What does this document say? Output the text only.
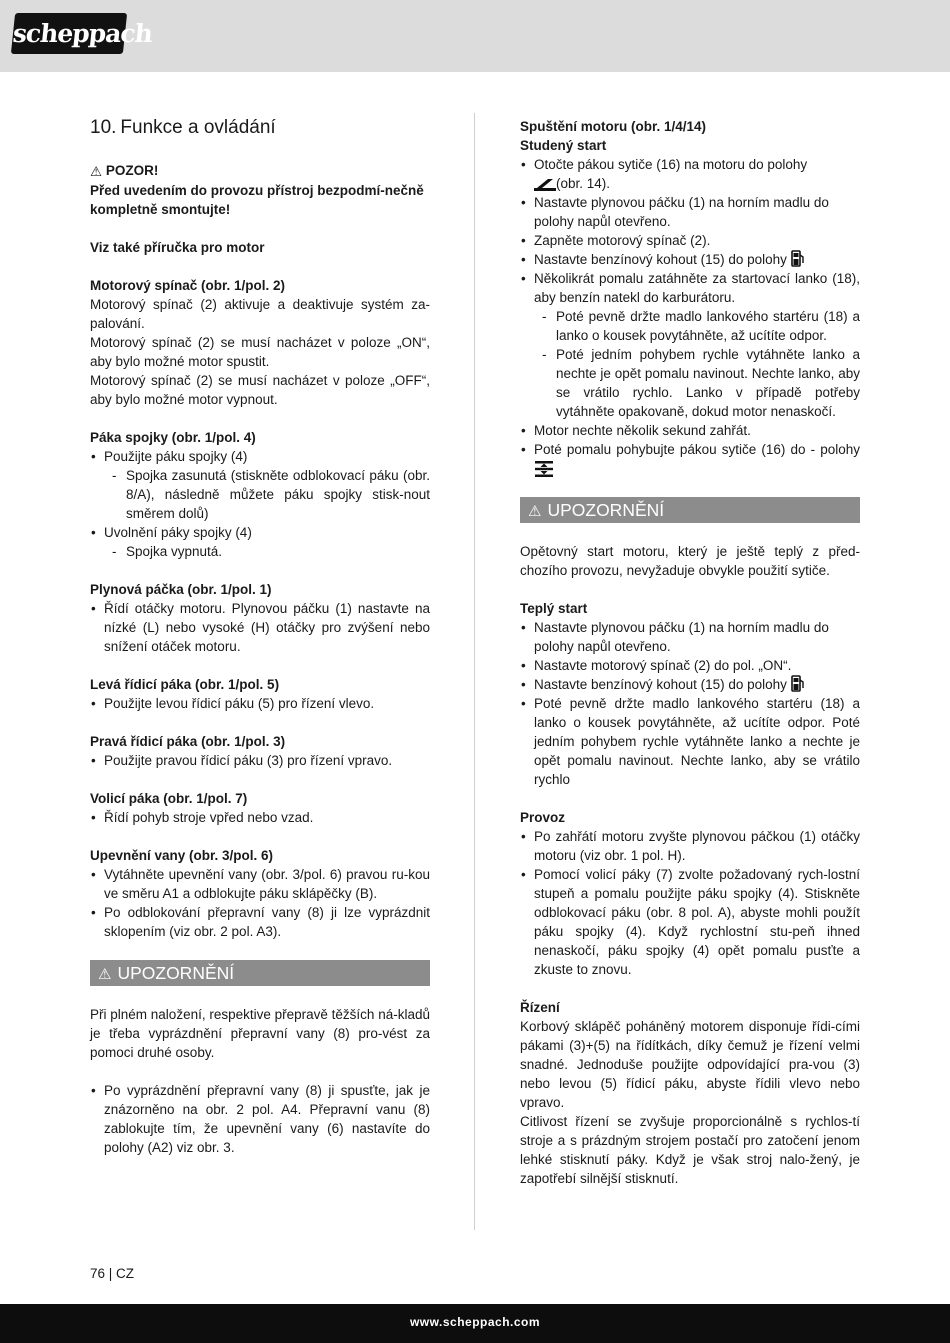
scheppach
10. Funkce a ovládání

⚠ POZOR!

Před uvedením do provozu přístroj bezpodmí-nečně kompletně smontujte!

Viz také příručka pro motor
Motorový spínač (obr. 1/pol. 2)

Motorový spínač (2) aktivuje a deaktivuje systém za-palování.

Motorový spínač (2) se musí nacházet v poloze „ON“, aby bylo možné motor spustit.

Motorový spínač (2) se musí nacházet v poloze „OFF“, aby bylo možné motor vypnout.

Páka spojky (obr. 1/pol. 4)
• Použijte páku spojky (4)
- Spojka zasunutá (stiskněte odblokovací páku (obr. 8/A), následně můžete páku spojky stisk-nout směrem dolů)
• Uvolnění páky spojky (4)
- Spojka vypnutá.
Plynová páčka (obr. 1/pol. 1)
• Řídí otáčky motoru. Plynovou páčku (1) nastavte na nízké (L) nebo vysoké (H) otáčky pro zvýšení nebo snížení otáček motoru.
Levá řídicí páka (obr. 1/pol. 5)
• Použijte levou řídicí páku (5) pro řízení vlevo.
Pravá řídicí páka (obr. 1/pol. 3)
• Použijte pravou řídicí páku (3) pro řízení vpravo.
Volicí páka (obr. 1/pol. 7)
• Řídí pohyb stroje vpřed nebo vzad.
Upevnění vany (obr. 3/pol. 6)
• Vytáhněte upevnění vany (obr. 3/pol. 6) pravou ru-kou ve směru A1 a odblokujte páku sklápěčky (B).
• Po odblokování přepravní vany (8) ji lze vyprázdnit sklopením (viz obr. 2 pol. A3).
⚠ UPOZORNĚNÍ

Při plném naložení, respektive přepravě těžších ná-kladů je třeba vyprázdnění přepravní vany (8) pro-vést za pomoci druhé osoby.

• Po vyprázdnění přepravní vany (8) ji spusťte, jak je znázorněno na obr. 2 pol. A4. Přepravní vanu (8) zablokujte tím, že upevnění vany (6) nastavíte do polohy (A2) viz obr. 3.
Spuštění motoru (obr. 1/4/14)
Studený start
• Otočte pákou sytiče (16) na motoru do polohy
(obr. 14).
• Nastavte plynovou páčku (1) na horním madlu do polohy napůl otevřeno.
• Zapněte motorový spínač (2).
• Nastavte benzínový kohout (15) do polohy
• Několikrát pomalu zatáhněte za startovací lanko (18), aby benzín natekl do karburátoru.
- Poté pevně držte madlo lankového startéru (18) a lanko o kousek povytáhněte, až ucítíte odpor.
- Poté jedním pohybem rychle vytáhněte lanko a nechte je opět pomalu navinout. Nechte lanko, aby se vrátilo rychlo. Lanko v případě potřeby vytáhněte opakovaně, dokud motor nenaskočí.
• Motor nechte několik sekund zahřát.
• Poté pomalu pohybujte pákou sytiče (16) do - polohy
⚠ UPOZORNĚNÍ

Opětovný start motoru, který je ještě teplý z před-chozího provozu, nevyžaduje obvykle použití sytiče.

Teplý start
• Nastavte plynovou páčku (1) na horním madlu do polohy napůl otevřeno.
• Nastavte motorový spínač (2) do pol. „ON“.
• Nastavte benzínový kohout (15) do polohy
• Poté pevně držte madlo lankového startéru (18) a lanko o kousek povytáhněte, až ucítíte odpor. Poté jedním pohybem rychle vytáhněte lanko a nechte je opět pomalu navinout. Nechte lanko, aby se vrátilo rychlo
Provoz
• Po zahřátí motoru zvyšte plynovou páčkou (1) otáčky motoru (viz obr. 1 pol. H).
• Pomocí volicí páky (7) zvolte požadovaný rych-lostní stupeň a pomalu použijte páku spojky (4). Stiskněte odblokovací páku (obr. 8 pol. A), abyste mohli použít páku spojky (4). Když rychlostní stu-peň ihned nenaskočí, páku spojky (4) opět pomalu pusťte a zkuste to znovu.
Řízení

Korbový sklápěč poháněný motorem disponuje řídi-cími pákami (3)+(5) na řídítkách, díky čemuž je řízení velmi snadné. Jednoduše použijte odpovídající pra-vou (3) nebo levou (5) řídicí páku, abyste řídili vlevo nebo vpravo.

Citlivost řízení se zvyšuje proporcionálně s rychlos-tí stroje a s prázdným strojem postačí pro zatočení jenom lehké stisknutí páky. Když je však stroj nalo-žený, je zapotřebí silnější stisknutí.

76 | CZ
www.scheppach.com
